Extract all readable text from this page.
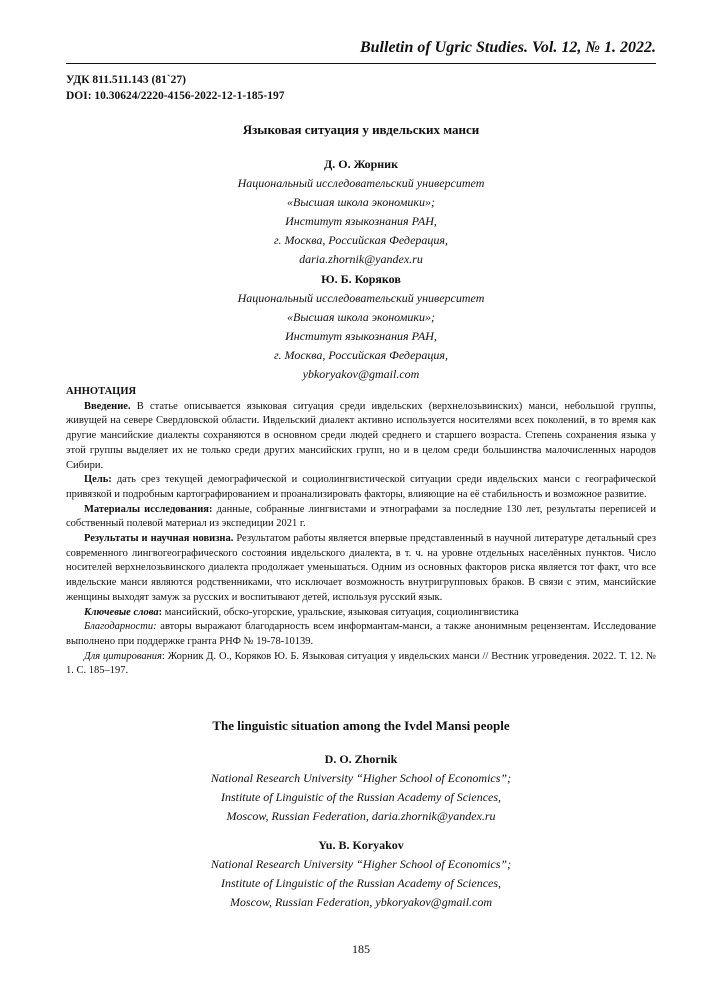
Bulletin of Ugric Studies. Vol. 12, № 1. 2022.
УДК 811.511.143 (81`27)
DOI: 10.30624/2220-4156-2022-12-1-185-197
Языковая ситуация у ивдельских манси
Д. О. Жорник
Национальный исследовательский университет
«Высшая школа экономики»;
Институт языкознания РАН,
г. Москва, Российская Федерация,
daria.zhornik@yandex.ru
Ю. Б. Коряков
Национальный исследовательский университет
«Высшая школа экономики»;
Институт языкознания РАН,
г. Москва, Российская Федерация,
ybkoryakov@gmail.com
АННОТАЦИЯ

Введение. В статье описывается языковая ситуация среди ивдельских (верхнелозьвинских) манси, небольшой группы, живущей на севере Свердловской области. Ивдельский диалект активно используется носителями всех поколений, в то время как другие мансийские диалекты сохраняются в основном среди людей среднего и старшего возраста. Степень сохранения языка у этой группы выделяет их не только среди других мансийских групп, но и в целом среди большинства малочисленных народов Сибири.

Цель: дать срез текущей демографической и социолингвистической ситуации среди ивдельских манси с географической привязкой и подробным картографированием и проанализировать факторы, влияющие на её стабильность и возможное развитие.

Материалы исследования: данные, собранные лингвистами и этнографами за последние 130 лет, результаты переписей и собственный полевой материал из экспедиции 2021 г.

Результаты и научная новизна. Результатом работы является впервые представленный в научной литературе детальный срез современного лингвогеографического состояния ивдельского диалекта, в т. ч. на уровне отдельных населённых пунктов. Число носителей верхнелозьвинского диалекта продолжает уменьшаться. Одним из основных факторов риска является тот факт, что все ивдельские манси являются родственниками, что исключает возможность внутригрупповых браков. В связи с этим, мансийские женщины выходят замуж за русских и воспитывают детей, используя русский язык.

Ключевые слова: мансийский, обско-угорские, уральские, языковая ситуация, социолингвистика

Благодарности: авторы выражают благодарность всем информантам-манси, а также анонимным рецензентам. Исследование выполнено при поддержке гранта РНФ № 19-78-10139.

Для цитирования: Жорник Д. О., Коряков Ю. Б. Языковая ситуация у ивдельских манси // Вестник угроведения. 2022. Т. 12. № 1. С. 185–197.

The linguistic situation among the Ivdel Mansi people
D. O. Zhornik
National Research University “Higher School of Economics”;
Institute of Linguistic of the Russian Academy of Sciences,
Moscow, Russian Federation, daria.zhornik@yandex.ru
Yu. B. Koryakov
National Research University “Higher School of Economics”;
Institute of Linguistic of the Russian Academy of Sciences,
Moscow, Russian Federation, ybkoryakov@gmail.com
185
